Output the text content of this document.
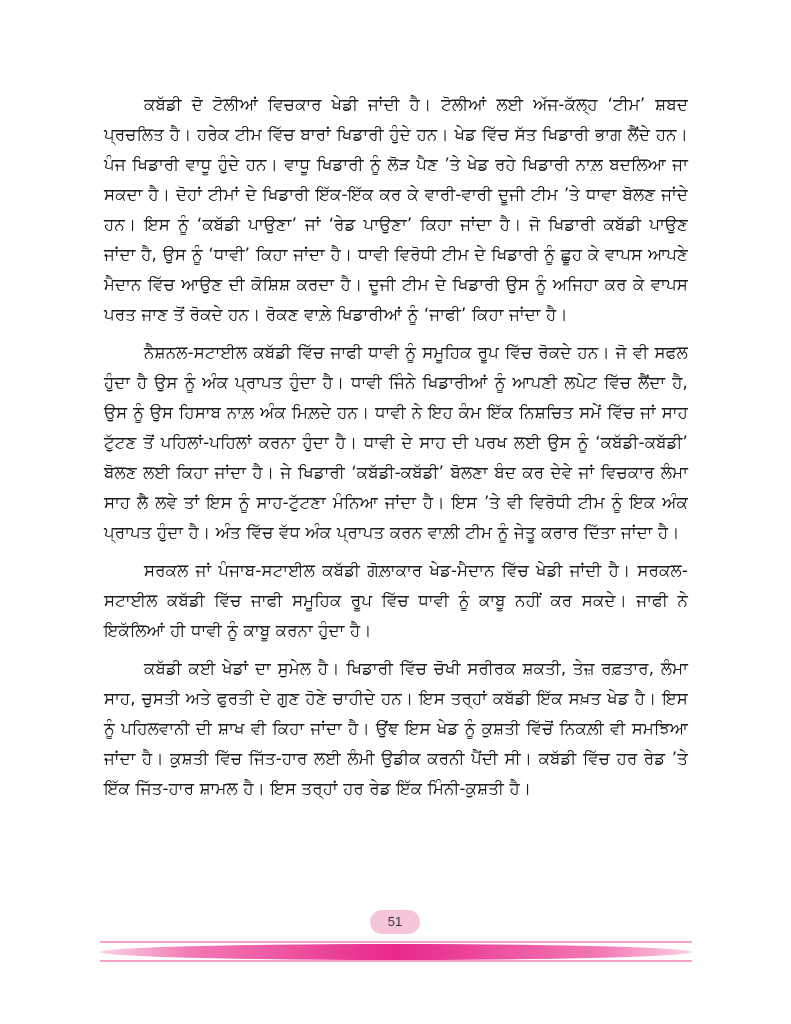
ਕਬੱਡੀ ਦੋ ਟੋਲੀਆਂ ਵਿਚਕਾਰ ਖੇਡੀ ਜਾਂਦੀ ਹੈ। ਟੋਲੀਆਂ ਲਈ ਅੱਜ-ਕੱਲ੍ਹ ‘ਟੀਮ’ ਸ਼ਬਦ ਪ੍ਰਚਲਿਤ ਹੈ। ਹਰੇਕ ਟੀਮ ਵਿੱਚ ਬਾਰਾਂ ਖਿਡਾਰੀ ਹੁੰਦੇ ਹਨ। ਖੇਡ ਵਿੱਚ ਸੱਤ ਖਿਡਾਰੀ ਭਾਗ ਲੈਂਦੇ ਹਨ। ਪੰਜ ਖਿਡਾਰੀ ਵਾਧੂ ਹੁੰਦੇ ਹਨ। ਵਾਧੂ ਖਿਡਾਰੀ ਨੂੰ ਲੋੜ ਪੈਣ ’ਤੇ ਖੇਡ ਰਹੇ ਖਿਡਾਰੀ ਨਾਲ਼ ਬਦਲਿਆ ਜਾ ਸਕਦਾ ਹੈ। ਦੋਹਾਂ ਟੀਮਾਂ ਦੇ ਖਿਡਾਰੀ ਇੱਕ-ਇੱਕ ਕਰ ਕੇ ਵਾਰੀ-ਵਾਰੀ ਦੂਜੀ ਟੀਮ ’ਤੇ ਧਾਵਾ ਬੋਲਣ ਜਾਂਦੇ ਹਨ। ਇਸ ਨੂੰ ‘ਕਬੱਡੀ ਪਾਉਣਾ’ ਜਾਂ ‘ਰੇਡ ਪਾਉਣਾ’ ਕਿਹਾ ਜਾਂਦਾ ਹੈ। ਜੋ ਖਿਡਾਰੀ ਕਬੱਡੀ ਪਾਉਣ ਜਾਂਦਾ ਹੈ, ਉਸ ਨੂੰ ‘ਧਾਵੀ’ ਕਿਹਾ ਜਾਂਦਾ ਹੈ। ਧਾਵੀ ਵਿਰੋਧੀ ਟੀਮ ਦੇ ਖਿਡਾਰੀ ਨੂੰ ਛੂਹ ਕੇ ਵਾਪਸ ਆਪਣੇ ਮੈਦਾਨ ਵਿੱਚ ਆਉਣ ਦੀ ਕੋਸ਼ਿਸ਼ ਕਰਦਾ ਹੈ। ਦੂਜੀ ਟੀਮ ਦੇ ਖਿਡਾਰੀ ਉਸ ਨੂੰ ਅਜਿਹਾ ਕਰ ਕੇ ਵਾਪਸ ਪਰਤ ਜਾਣ ਤੋਂ ਰੋਕਦੇ ਹਨ। ਰੋਕਣ ਵਾਲ਼ੇ ਖਿਡਾਰੀਆਂ ਨੂੰ ‘ਜਾਫੀ’ ਕਿਹਾ ਜਾਂਦਾ ਹੈ।

ਨੈਸ਼ਨਲ-ਸਟਾਈਲ ਕਬੱਡੀ ਵਿੱਚ ਜਾਫੀ ਧਾਵੀ ਨੂੰ ਸਮੂਹਿਕ ਰੂਪ ਵਿੱਚ ਰੋਕਦੇ ਹਨ। ਜੋ ਵੀ ਸਫਲ ਹੁੰਦਾ ਹੈ ਉਸ ਨੂੰ ਅੰਕ ਪ੍ਰਾਪਤ ਹੁੰਦਾ ਹੈ। ਧਾਵੀ ਜਿੰਨੇ ਖਿਡਾਰੀਆਂ ਨੂੰ ਆਪਣੀ ਲਪੇਟ ਵਿੱਚ ਲੈਂਦਾ ਹੈ, ਉਸ ਨੂੰ ਉਸ ਹਿਸਾਬ ਨਾਲ਼ ਅੰਕ ਮਿਲ਼ਦੇ ਹਨ। ਧਾਵੀ ਨੇ ਇਹ ਕੰਮ ਇੱਕ ਨਿਸ਼ਚਿਤ ਸਮੇਂ ਵਿੱਚ ਜਾਂ ਸਾਹ ਟੁੱਟਣ ਤੋਂ ਪਹਿਲਾਂ-ਪਹਿਲਾਂ ਕਰਨਾ ਹੁੰਦਾ ਹੈ। ਧਾਵੀ ਦੇ ਸਾਹ ਦੀ ਪਰਖ ਲਈ ਉਸ ਨੂੰ ‘ਕਬੱਡੀ-ਕਬੱਡੀ’ ਬੋਲਣ ਲਈ ਕਿਹਾ ਜਾਂਦਾ ਹੈ। ਜੇ ਖਿਡਾਰੀ ‘ਕਬੱਡੀ-ਕਬੱਡੀ’ ਬੋਲਣਾ ਬੰਦ ਕਰ ਦੇਵੇ ਜਾਂ ਵਿਚਕਾਰ ਲੰਮਾ ਸਾਹ ਲੈ ਲਵੇ ਤਾਂ ਇਸ ਨੂੰ ਸਾਹ-ਟੁੱਟਣਾ ਮੰਨਿਆ ਜਾਂਦਾ ਹੈ। ਇਸ ’ਤੇ ਵੀ ਵਿਰੋਧੀ ਟੀਮ ਨੂੰ ਇਕ ਅੰਕ ਪ੍ਰਾਪਤ ਹੁੰਦਾ ਹੈ। ਅੰਤ ਵਿੱਚ ਵੱਧ ਅੰਕ ਪ੍ਰਾਪਤ ਕਰਨ ਵਾਲ਼ੀ ਟੀਮ ਨੂੰ ਜੇਤੂ ਕਰਾਰ ਦਿੱਤਾ ਜਾਂਦਾ ਹੈ।

ਸਰਕਲ ਜਾਂ ਪੰਜਾਬ-ਸਟਾਈਲ ਕਬੱਡੀ ਗੋਲ਼ਾਕਾਰ ਖੇਡ-ਮੈਦਾਨ ਵਿੱਚ ਖੇਡੀ ਜਾਂਦੀ ਹੈ। ਸਰਕਲ-ਸਟਾਈਲ ਕਬੱਡੀ ਵਿੱਚ ਜਾਫੀ ਸਮੂਹਿਕ ਰੂਪ ਵਿੱਚ ਧਾਵੀ ਨੂੰ ਕਾਬੂ ਨਹੀਂ ਕਰ ਸਕਦੇ। ਜਾਫੀ ਨੇ ਇਕੱਲਿਆਂ ਹੀ ਧਾਵੀ ਨੂੰ ਕਾਬੂ ਕਰਨਾ ਹੁੰਦਾ ਹੈ।

ਕਬੱਡੀ ਕਈ ਖੇਡਾਂ ਦਾ ਸੁਮੇਲ ਹੈ। ਖਿਡਾਰੀ ਵਿੱਚ ਚੋਖੀ ਸਰੀਰਕ ਸ਼ਕਤੀ, ਤੇਜ਼ ਰਫ਼ਤਾਰ, ਲੰਮਾ ਸਾਹ, ਚੁਸਤੀ ਅਤੇ ਫੁਰਤੀ ਦੇ ਗੁਣ ਹੋਣੇ ਚਾਹੀਦੇ ਹਨ। ਇਸ ਤਰ੍ਹਾਂ ਕਬੱਡੀ ਇੱਕ ਸਖ਼ਤ ਖੇਡ ਹੈ। ਇਸ ਨੂੰ ਪਹਿਲਵਾਨੀ ਦੀ ਸ਼ਾਖ ਵੀ ਕਿਹਾ ਜਾਂਦਾ ਹੈ। ਉਂਞ ਇਸ ਖੇਡ ਨੂੰ ਕੁਸ਼ਤੀ ਵਿੱਚੋਂ ਨਿਕਲ਼ੀ ਵੀ ਸਮਝਿਆ ਜਾਂਦਾ ਹੈ। ਕੁਸ਼ਤੀ ਵਿੱਚ ਜਿੱਤ-ਹਾਰ ਲਈ ਲੰਮੀ ਉਡੀਕ ਕਰਨੀ ਪੈਂਦੀ ਸੀ। ਕਬੱਡੀ ਵਿੱਚ ਹਰ ਰੇਡ ’ਤੇ ਇੱਕ ਜਿੱਤ-ਹਾਰ ਸ਼ਾਮਲ ਹੈ। ਇਸ ਤਰ੍ਹਾਂ ਹਰ ਰੇਡ ਇੱਕ ਮਿੰਨੀ-ਕੁਸ਼ਤੀ ਹੈ।

51
